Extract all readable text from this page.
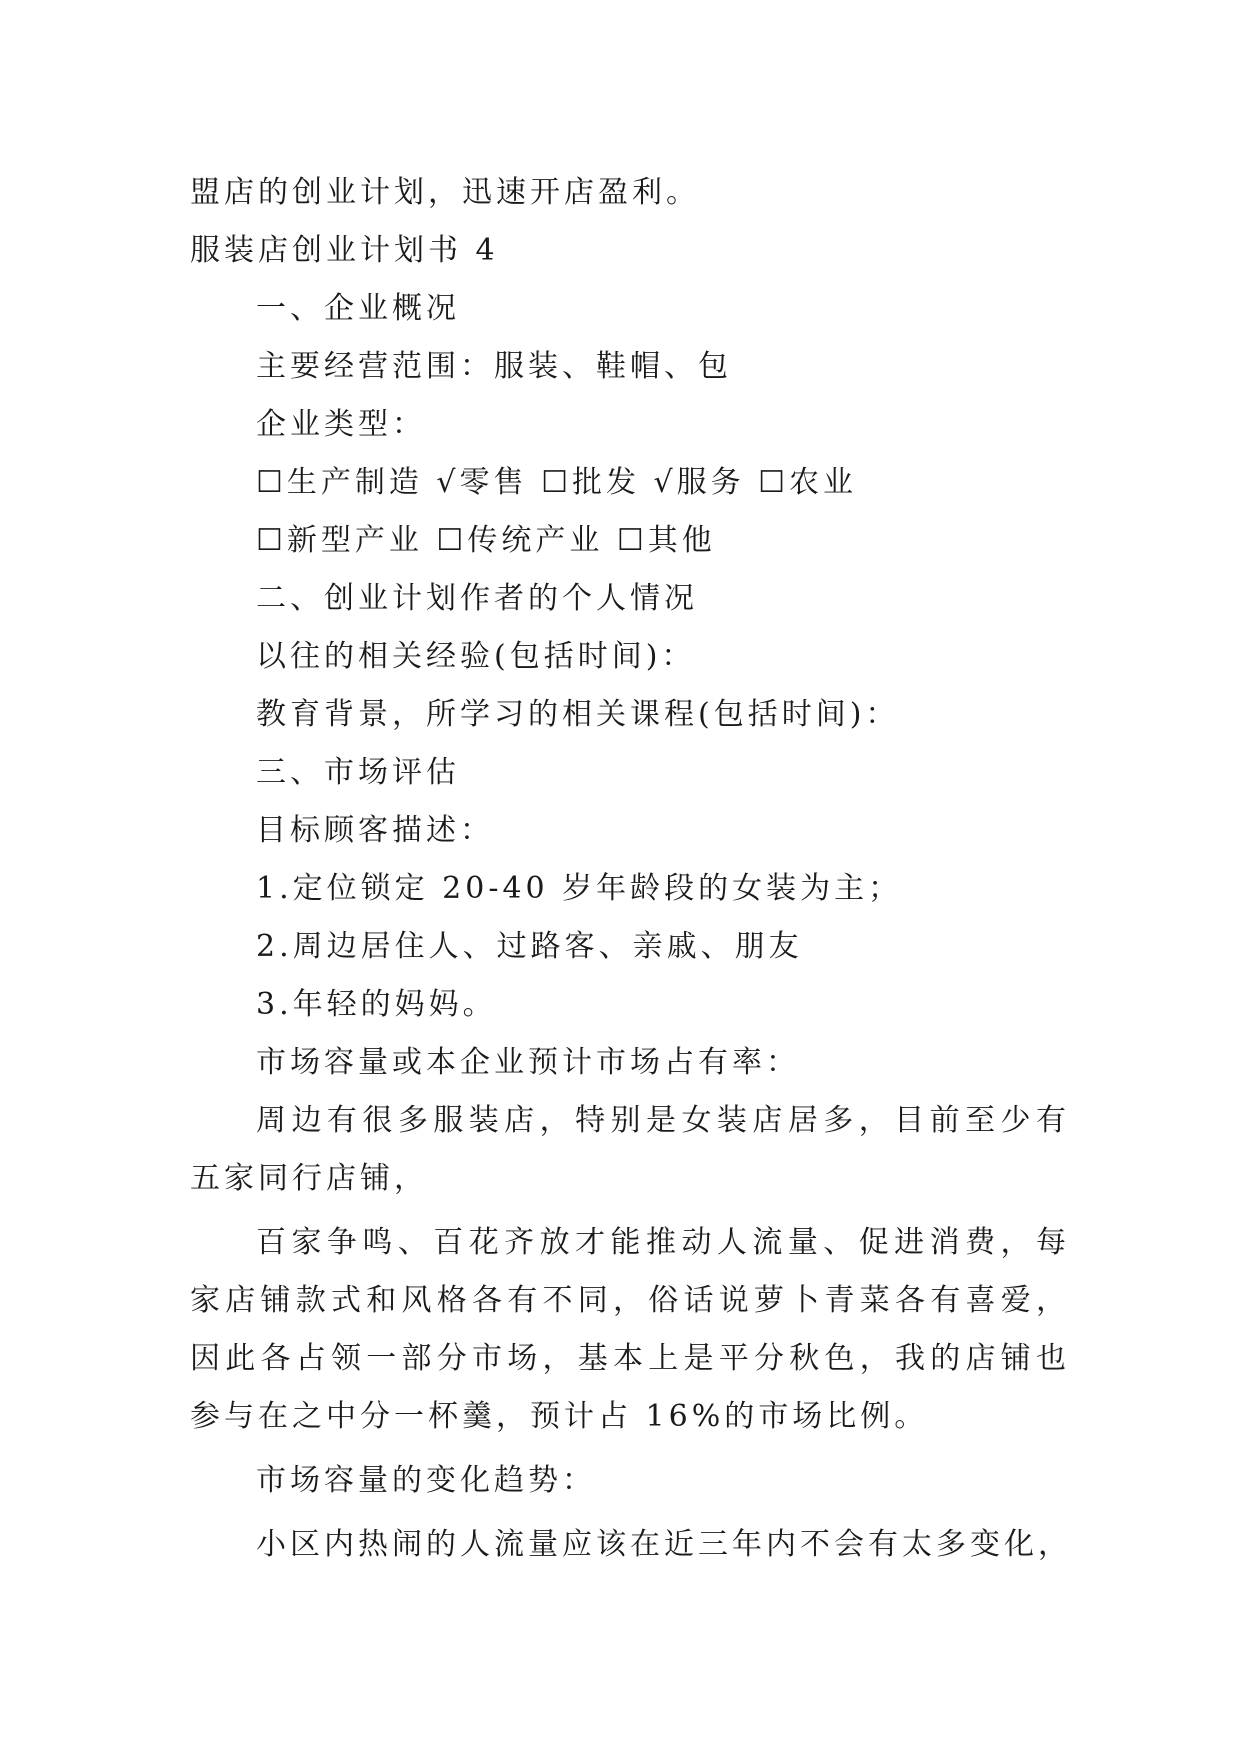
盟店的创业计划，迅速开店盈利。
服装店创业计划书 4
一、企业概况
主要经营范围：服装、鞋帽、包
企业类型：
☐生产制造 √零售 ☐批发 √服务 ☐农业
☐新型产业 ☐传统产业 ☐其他
二、创业计划作者的个人情况
以往的相关经验(包括时间)：
教育背景，所学习的相关课程(包括时间)：
三、市场评估
目标顾客描述：
1.定位锁定 20-40 岁年龄段的女装为主；
2.周边居住人、过路客、亲戚、朋友
3.年轻的妈妈。
市场容量或本企业预计市场占有率：
周边有很多服装店，特别是女装店居多，目前至少有五家同行店铺，
百家争鸣、百花齐放才能推动人流量、促进消费，每家店铺款式和风格各有不同，俗话说萝卜青菜各有喜爱，因此各占领一部分市场，基本上是平分秋色，我的店铺也参与在之中分一杯羹，预计占 16%的市场比例。
市场容量的变化趋势：
小区内热闹的人流量应该在近三年内不会有太多变化，
